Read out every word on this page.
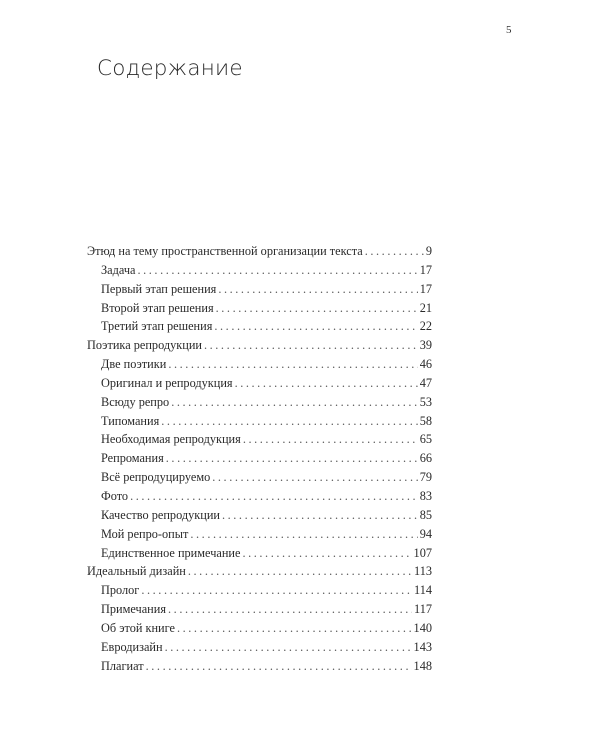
5
Содержание
Этюд на тему пространственной организации текста . . .	9
Задача . . .	17
Первый этап решения . . .	17
Второй этап решения . . .	21
Третий этап решения . . .	22
Поэтика репродукции . . .	39
Две поэтики . . .	46
Оригинал и репродукция . . .	47
Всюду репро . . .	53
Типомания . . .	58
Необходимая репродукция . . .	65
Репромания . . .	66
Всё репродуцируемо . . .	79
Фото . . .	83
Качество репродукции . . .	85
Мой репро-опыт . . .	94
Единственное примечание . . .	107
Идеальный дизайн . . .	113
Пролог . . .	114
Примечания . . .	117
Об этой книге . . .	140
Евродизайн . . .	143
Плагиат . . .	148
